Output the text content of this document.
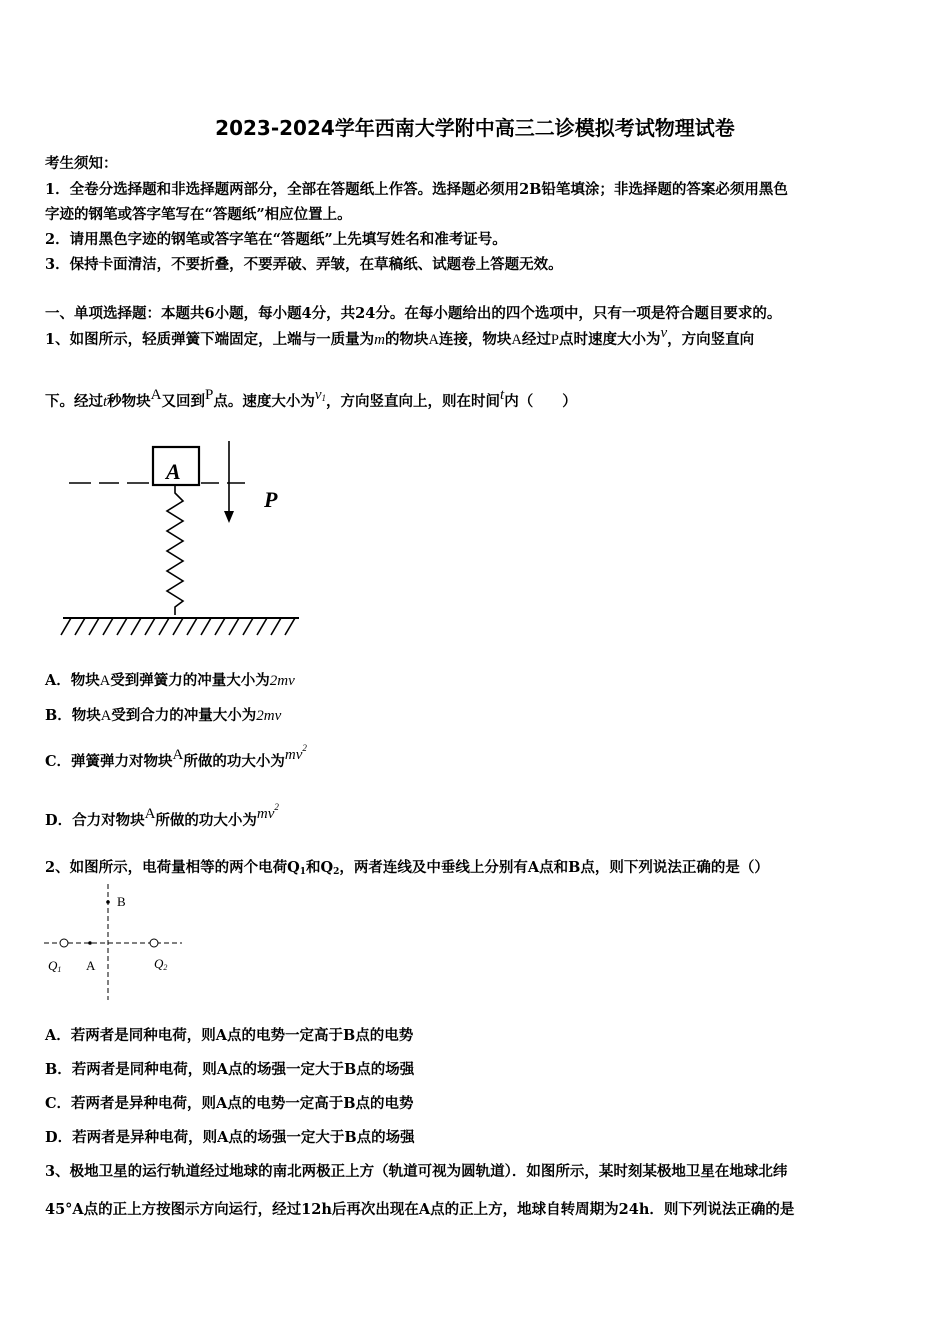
2023-2024学年西南大学附中高三二诊模拟考试物理试卷
考生须知：
1．全卷分选择题和非选择题两部分，全部在答题纸上作答。选择题必须用2B铅笔填涂；非选择题的答案必须用黑色
字迹的钢笔或答字笔写在“答题纸”相应位置上。
2．请用黑色字迹的钢笔或答字笔在“答题纸”上先填写姓名和准考证号。
3．保持卡面清洁，不要折叠，不要弄破、弄皱，在草稿纸、试题卷上答题无效。
一、单项选择题：本题共6小题，每小题4分，共24分。在每小题给出的四个选项中，只有一项是符合题目要求的。
1、如图所示，轻质弹簧下端固定，上端与一质量为m的物块A连接，物块A经过P点时速度大小为v，方向竖直向
下。经过t秒物块A又回到P点。速度大小为$v_1$，方向竖直向上，则在时间t内（　　）
A
P
A．物块A受到弹簧力的冲量大小为2mv
B．物块A受到合力的冲量大小为2mv
C．弹簧弹力对物块A所做的功大小为$mv^2$
D．合力对物块A所做的功大小为$mv^2$
2、如图所示，电荷量相等的两个电荷$Q_1$和$Q_2$，两者连线及中垂线上分别有A点和B点，则下列说法正确的是（）
B
Q1 A	Q2
A．若两者是同种电荷，则A点的电势一定高于B点的电势
B．若两者是同种电荷，则A点的场强一定大于B点的场强
C．若两者是异种电荷，则A点的电势一定高于B点的电势
D．若两者是异种电荷，则A点的场强一定大于B点的场强
3、极地卫星的运行轨道经过地球的南北两极正上方（轨道可视为圆轨道）．如图所示，某时刻某极地卫星在地球北纬
45°A点的正上方按图示方向运行，经过12h后再次出现在A点的正上方，地球自转周期为24h．则下列说法正确的是
